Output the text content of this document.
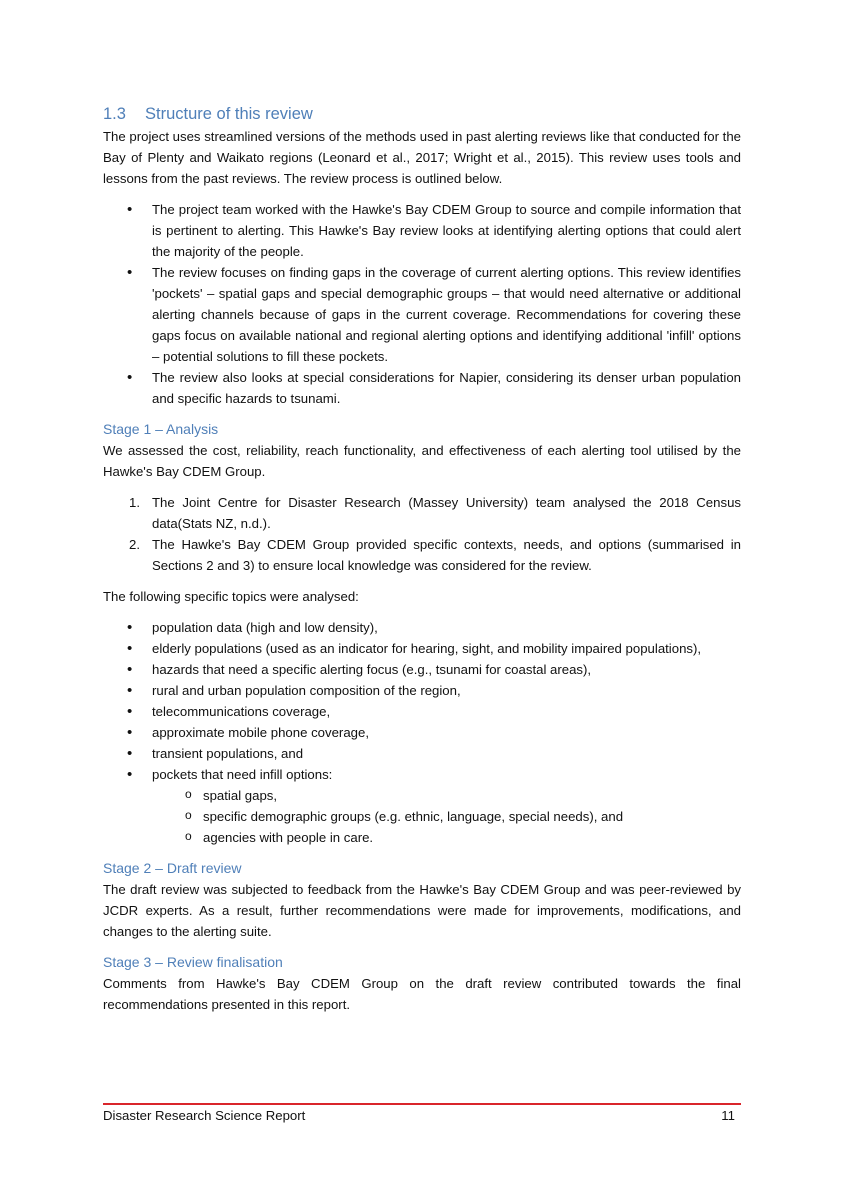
1.3 Structure of this review

The project uses streamlined versions of the methods used in past alerting reviews like that conducted for the Bay of Plenty and Waikato regions (Leonard et al., 2017; Wright et al., 2015). This review uses tools and lessons from the past reviews. The review process is outlined below.

• The project team worked with the Hawke's Bay CDEM Group to source and compile information that is pertinent to alerting. This Hawke's Bay review looks at identifying alerting options that could alert the majority of the people.
• The review focuses on finding gaps in the coverage of current alerting options. This review identifies 'pockets' – spatial gaps and special demographic groups – that would need alternative or additional alerting channels because of gaps in the current coverage. Recommendations for covering these gaps focus on available national and regional alerting options and identifying additional 'infill' options – potential solutions to fill these pockets.
• The review also looks at special considerations for Napier, considering its denser urban population and specific hazards to tsunami.
Stage 1 – Analysis

We assessed the cost, reliability, reach functionality, and effectiveness of each alerting tool utilised by the Hawke's Bay CDEM Group.

1. The Joint Centre for Disaster Research (Massey University) team analysed the 2018 Census data(Stats NZ, n.d.).
2. The Hawke's Bay CDEM Group provided specific contexts, needs, and options (summarised in Sections 2 and 3) to ensure local knowledge was considered for the review.

The following specific topics were analysed:

• population data (high and low density),
• elderly populations (used as an indicator for hearing, sight, and mobility impaired populations),
• hazards that need a specific alerting focus (e.g., tsunami for coastal areas),
• rural and urban population composition of the region,
• telecommunications coverage,
• approximate mobile phone coverage,
• transient populations, and
• pockets that need infill options:
o spatial gaps,
o specific demographic groups (e.g. ethnic, language, special needs), and
o agencies with people in care.
Stage 2 – Draft review

The draft review was subjected to feedback from the Hawke's Bay CDEM Group and was peer-reviewed by JCDR experts. As a result, further recommendations were made for improvements, modifications, and changes to the alerting suite.

Stage 3 – Review finalisation

Comments from Hawke's Bay CDEM Group on the draft review contributed towards the final recommendations presented in this report.

Disaster Research Science Report	11
